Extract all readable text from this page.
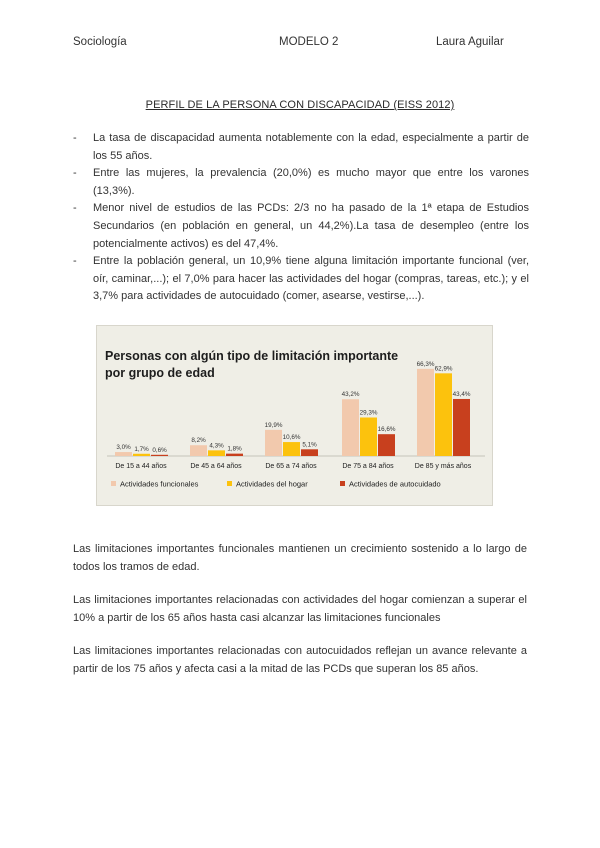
Sociología	MODELO 2	Laura Aguilar
PERFIL DE LA PERSONA CON DISCAPACIDAD (EISS 2012)
- La tasa de discapacidad aumenta notablemente con la edad, especialmente a partir de los 55 años.
- Entre las mujeres, la prevalencia (20,0%) es mucho mayor que entre los varones (13,3%).
- Menor nivel de estudios de las PCDs: 2/3 no ha pasado de la 1ª etapa de Estudios Secundarios (en población en general, un 44,2%).La tasa de desempleo (entre los potencialmente activos) es del 47,4%.
- Entre la población general, un 10,9% tiene alguna limitación importante funcional (ver, oír, caminar,...); el 7,0% para hacer las actividades del hogar (compras, tareas, etc.); y el 3,7% para actividades de autocuidado (comer, asearse, vestirse,...).
Personas con algún tipo de limitación importante
por grupo de edad
3,0% 1,7% 0,6%
De 15 a 44 años
8,2%
4,3% 1,8%
De 45 a 64 años
19,9%
10,6%
5,1%
De 65 a 74 años
43,2%
29,3%
16,6%
De 75 a 84 años
66,3%
62,9%
43,4%
De 85 y más años
Actividades funcionales	Actividades del hogar	Actividades de autocuidado

Las limitaciones importantes funcionales mantienen un crecimiento sostenido a lo largo de todos los tramos de edad.

Las limitaciones importantes relacionadas con actividades del hogar comienzan a superar el 10% a partir de los 65 años hasta casi alcanzar las limitaciones funcionales

Las limitaciones importantes relacionadas con autocuidados reflejan un avance relevante a partir de los 75 años y afecta casi a la mitad de las PCDs que superan los 85 años.
